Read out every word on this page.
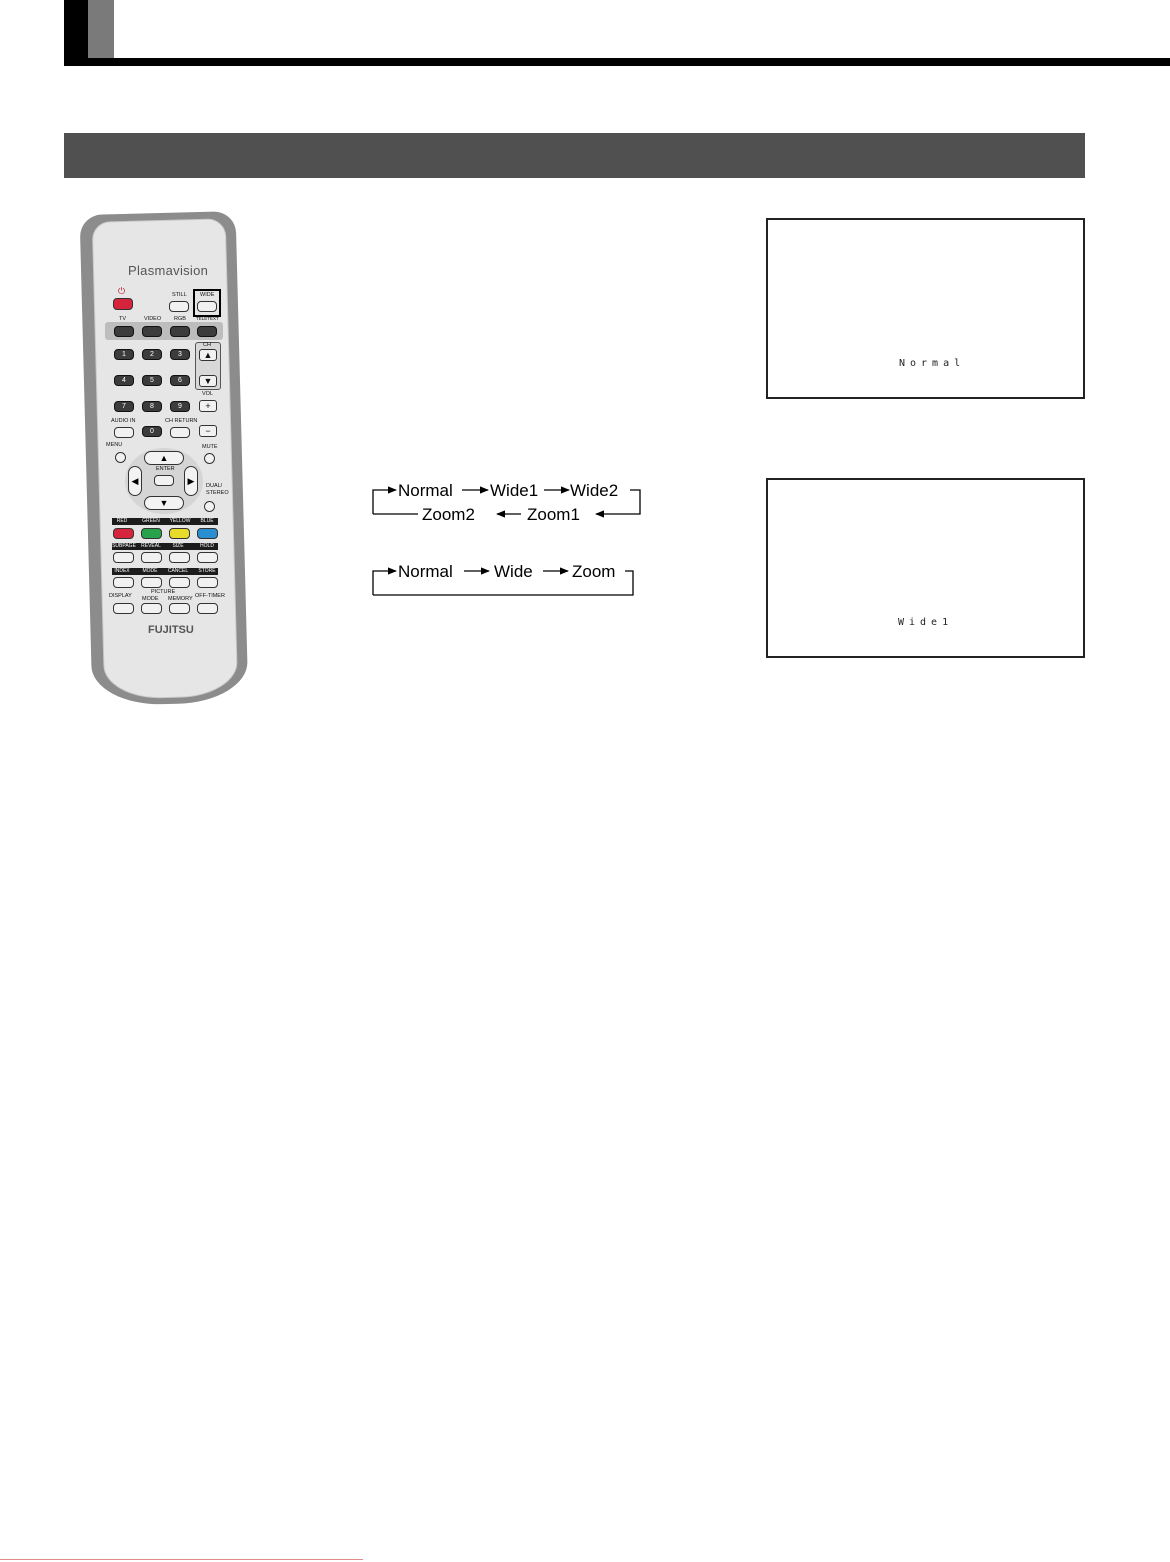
Plasmavision
⏻	STILL WIDE
TV	VIDEO RGB TELETEXT
1	2	3
4	5	6
7	8	9
0
CH
▲
▼
VOL
+
−
AUDIO IN	CH RETURN
MENU	MUTE
▲
▼
◀	▶
ENTER
DUAL/
STEREO
RED	GREEN	YELLOW	BLUE
SUBPAGE REVEAL	SIZE	HOLD
INDEX	MODE	CANCEL	STORE
DISPLAY
PICTURE
MODE MEMORY OFF-TIMER
FUJITSU
Normal Wide1 Wide2
Zoom2	Zoom1
Normal Wide Zoom
Normal
Wide1
